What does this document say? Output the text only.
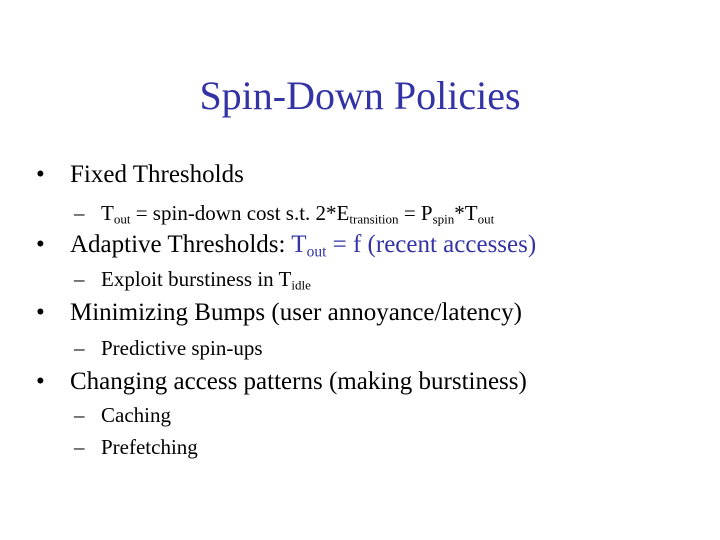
Spin-Down Policies
• Fixed Thresholds
– $T_{out}$ = spin-down cost s.t. $2*E_{transition} = P_{spin}*T_{out}$
• Adaptive Thresholds: $T_{out} = f$ (recent accesses)
– Exploit burstiness in $T_{idle}$
• Minimizing Bumps (user annoyance/latency)
– Predictive spin-ups
• Changing access patterns (making burstiness)
– Caching
– Prefetching
